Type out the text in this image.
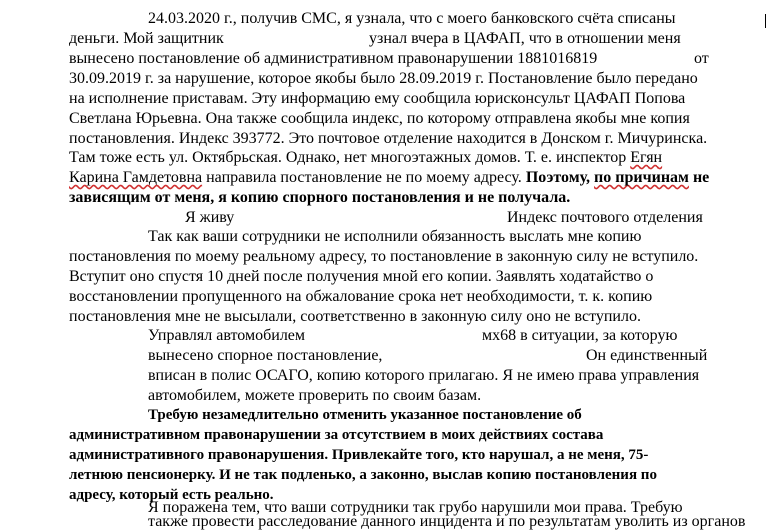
24.03.2020 г., получив СМС, я узнала, что с моего банковского счёта списаны
деньги. Мой защитник	узнал вчера в ЦАФАП, что в отношении меня
вынесено постановление об административном правонарушении 1881016819	от
30.09.2019 г. за нарушение, которое якобы было 28.09.2019 г. Постановление было передано
на исполнение приставам. Эту информацию ему сообщила юрисконсульт ЦАФАП Попова
Светлана Юрьевна. Она также сообщила индекс, по которому отправлена якобы мне копия
постановления. Индекс 393772. Это почтовое отделение находится в Донском г. Мичуринска.
Там тоже есть ул. Октябрьская. Однако, нет многоэтажных домов. Т. е. инспектор Егян
Карина Гамдетовна направила постановление не по моему адресу. Поэтому, по причинам не
зависящим от меня, я копию спорного постановления и не получала.
Я живу	Индекс почтового отделения
Так как ваши сотрудники не исполнили обязанность выслать мне копию
постановления по моему реальному адресу, то постановление в законную силу не вступило.
Вступит оно спустя 10 дней после получения мной его копии. Заявлять ходатайство о
восстановлении пропущенного на обжалование срока нет необходимости, т. к. копию
постановления мне не высылали, соответственно в законную силу оно не вступило.
Управлял автомобилем	мх68 в ситуации, за которую
вынесено спорное постановление,	Он единственный
вписан в полис ОСАГО, копию которого прилагаю. Я не имею права управления
автомобилем, можете проверить по своим базам.
Требую незамедлительно отменить указанное постановление об
административном правонарушении за отсутствием в моих действиях состава
административного правонарушения. Привлекайте того, кто нарушал, а не меня, 75-
летнюю пенсионерку. И не так подленько, а законно, выслав копию постановления по
адресу, который есть реально.
Я поражена тем, что ваши сотрудники так грубо нарушили мои права. Требую
также провести расследование данного инцидента и по результатам уволить из органов
